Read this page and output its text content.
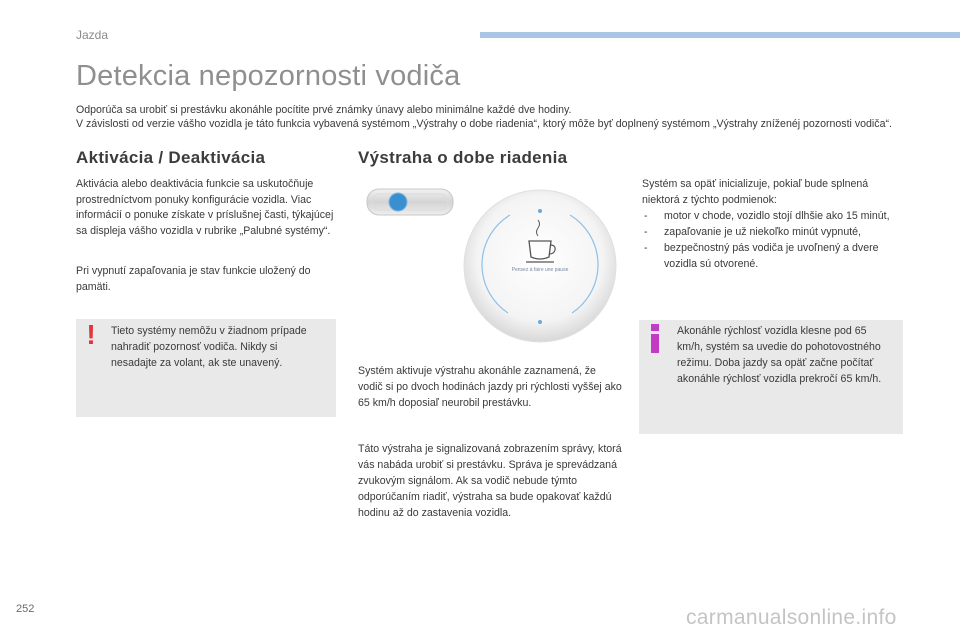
Jazda
Detekcia nepozornosti vodiča

Odporúča sa urobiť si prestávku akonáhle pocítite prvé známky únavy alebo minimálne každé dve hodiny.

V závislosti od verzie vášho vozidla je táto funkcia vybavená systémom „Výstrahy o dobe riadenia“, ktorý môže byť doplnený systémom „Výstrahy zníženéj pozornosti vodiča“.

Aktivácia / Deaktivácia

Aktivácia alebo deaktivácia funkcie sa uskutočňuje prostredníctvom ponuky konfigurácie vozidla. Viac informácií o ponuke získate v príslušnej časti, týkajúcej sa displeja vášho vozidla v rubrike „Palubné systémy“.

Pri vypnutí zapaľovania je stav funkcie uložený do pamäti.

! Tieto systémy nemôžu v žiadnom prípade nahradiť pozornosť vodiča. Nikdy si nesadajte za volant, ak ste unavený.
Výstraha o dobe riadenia
Pensez à faire une pause

Systém aktivuje výstrahu akonáhle zaznamená, že vodič si po dvoch hodinách jazdy pri rýchlosti vyššej ako 65 km/h doposiaľ neurobil prestávku.

Táto výstraha je signalizovaná zobrazením správy, ktorá vás nabáda urobiť si prestávku. Správa je sprevádzaná zvukovým signálom. Ak sa vodič nebude týmto odporúčaním riadiť, výstraha sa bude opakovať každú hodinu až do zastavenia vozidla.

Systém sa opäť inicializuje, pokiaľ bude splnená niektorá z týchto podmienok:

- motor v chode, vozidlo stojí dlhšie ako 15 minút,
- zapaľovanie je už niekoľko minút vypnuté,
- bezpečnostný pás vodiča je uvoľnený a dvere vozidla sú otvorené.
Akonáhle rýchlosť vozidla klesne pod 65 km/h, systém sa uvedie do pohotovostného režimu. Doba jazdy sa opäť začne počítať akonáhle rýchlosť vozidla prekročí 65 km/h.
252	carmanualsonline.info
